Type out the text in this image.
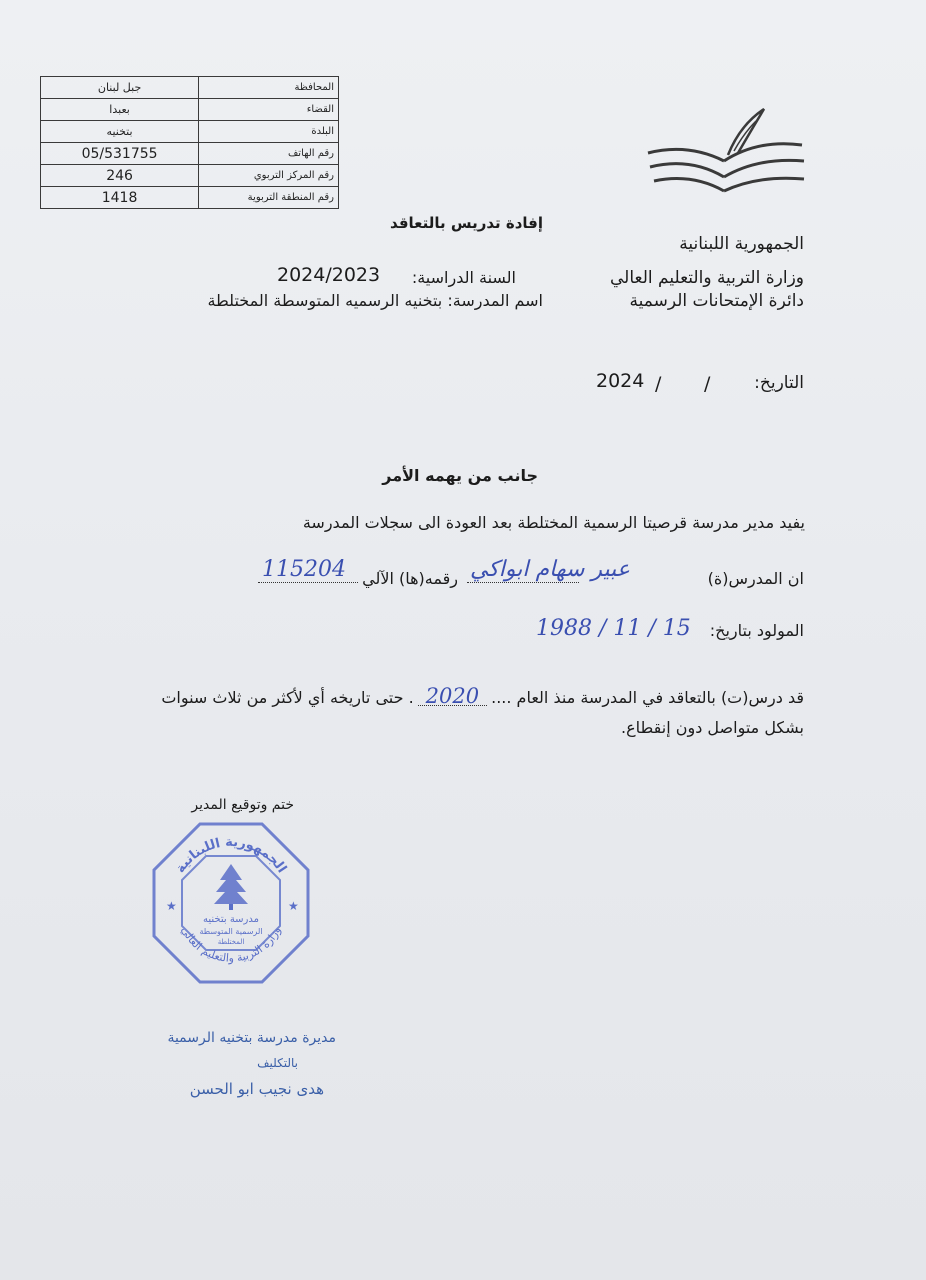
المحافظة	جبل لبنان
القضاء	بعبدا
البلدة	بتخنيه
رقم الهاتف	05/531755
رقم المركز التربوي	246
رقم المنطقة التربوية	1418
إفادة تدريس بالتعاقد
الجمهورية اللبنانية
وزارة التربية والتعليم العالي
دائرة الإمتحانات الرسمية
السنة الدراسية:
2024/2023
اسم المدرسة: بتخنيه الرسميه المتوسطة المختلطة
التاريخ:
/
/
2024
جانب من يهمه الأمر
يفيد مدير مدرسة قرصيتا الرسمية المختلطة بعد العودة الى سجلات المدرسة
ان المدرس(ة)
عبير سهام ابواكي
رقمه(ها) الآلي
115204
المولود بتاريخ:
1988 / 11 / 15
قد درس(ت) بالتعاقد في المدرسة منذ العام ....2020. حتى تاريخه أي لأكثر من ثلاث سنوات
بشكل متواصل دون إنقطاع.
ختم وتوقيع المدير
الجمهورية اللبنانية
وزارة التربية والتعليم العالي
مدرسة بتخنيه
الرسمية المتوسطة
المختلطة
★	★
مديرة مدرسة بتخنيه الرسمية
بالتكليف
هدى نجيب ابو الحسن
